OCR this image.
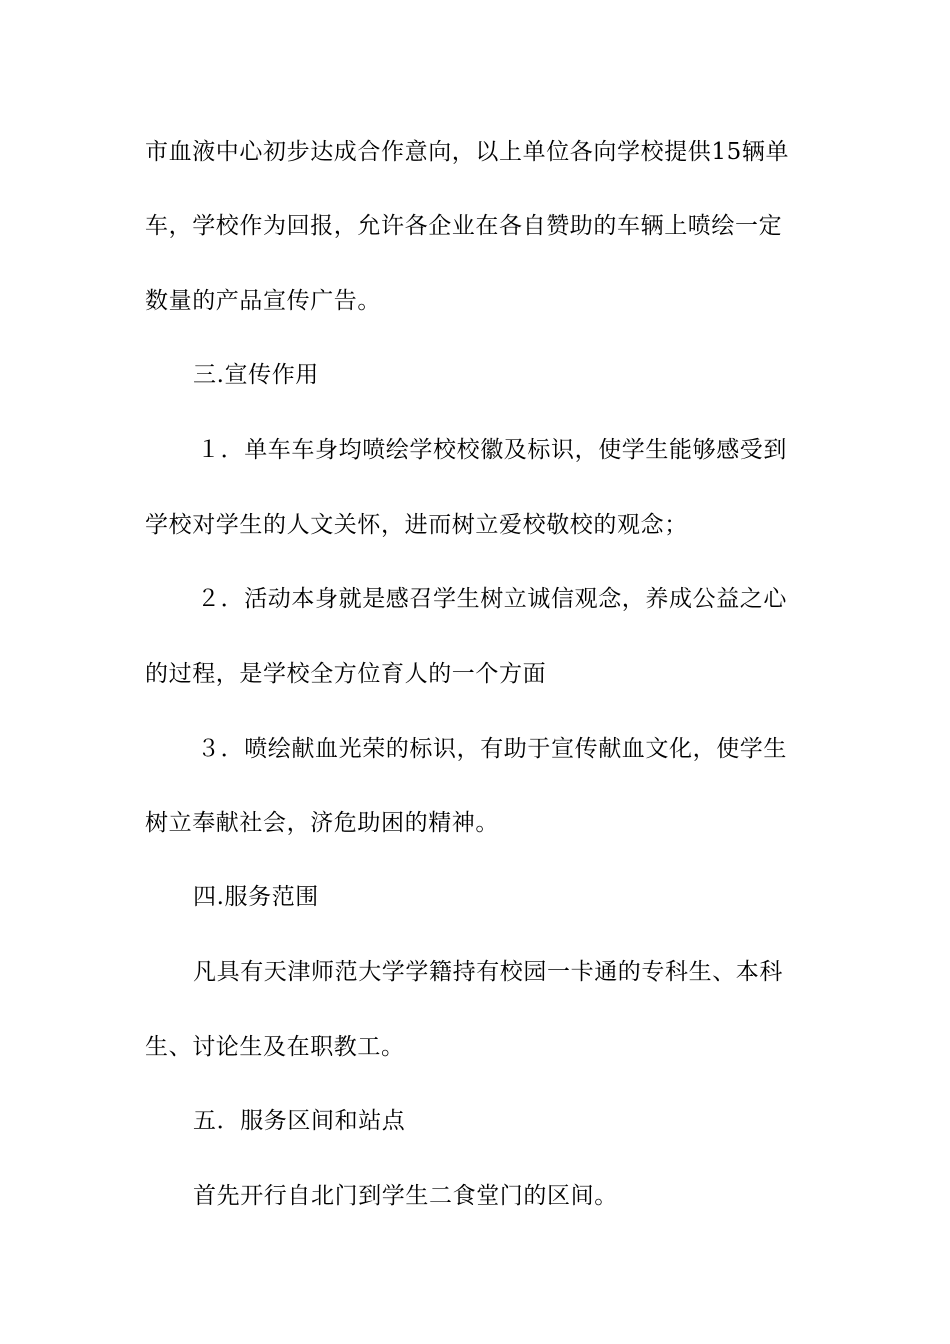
市血液中心初步达成合作意向，以上单位各向学校提供15辆单
车，学校作为回报，允许各企业在各自赞助的车辆上喷绘一定
数量的产品宣传广告。
三.宣传作用
１．单车车身均喷绘学校校徽及标识，使学生能够感受到
学校对学生的人文关怀，进而树立爱校敬校的观念；
２．活动本身就是感召学生树立诚信观念，养成公益之心
的过程，是学校全方位育人的一个方面
３．喷绘献血光荣的标识，有助于宣传献血文化，使学生
树立奉献社会，济危助困的精神。
四.服务范围
凡具有天津师范大学学籍持有校园一卡通的专科生、本科
生、讨论生及在职教工。
五．服务区间和站点
首先开行自北门到学生二食堂门的区间。
